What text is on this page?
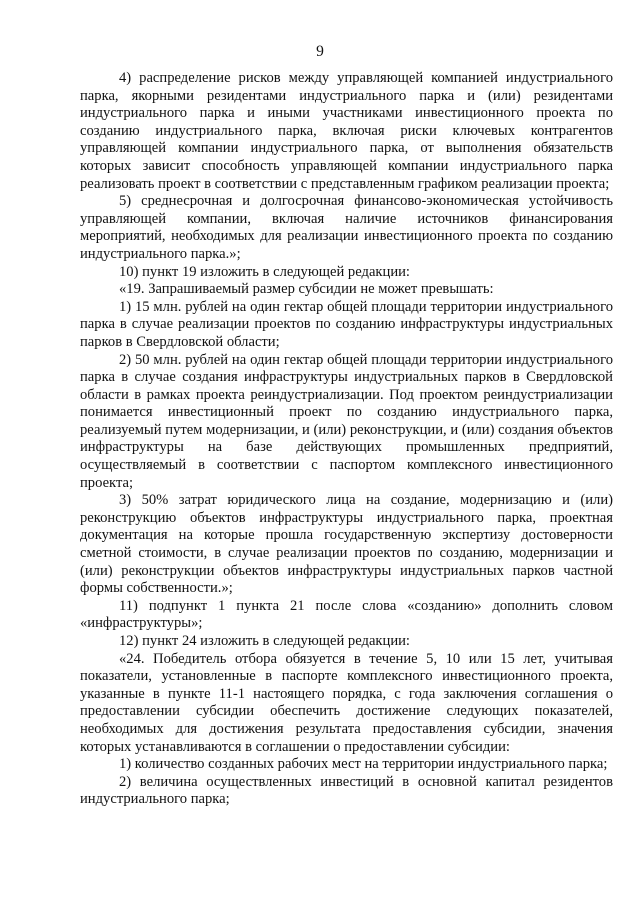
9

4) распределение рисков между управляющей компанией индустриального парка, якорными резидентами индустриального парка и (или) резидентами индустриального парка и иными участниками инвестиционного проекта по созданию индустриального парка, включая риски ключевых контрагентов управляющей компании индустриального парка, от выполнения обязательств которых зависит способность управляющей компании индустриального парка реализовать проект в соответствии с представленным графиком реализации проекта;

5) среднесрочная и долгосрочная финансово-экономическая устойчивость управляющей компании, включая наличие источников финансирования мероприятий, необходимых для реализации инвестиционного проекта по созданию индустриального парка.»;

10) пункт 19 изложить в следующей редакции:

«19. Запрашиваемый размер субсидии не может превышать:

1) 15 млн. рублей на один гектар общей площади территории индустриального парка в случае реализации проектов по созданию инфраструктуры индустриальных парков в Свердловской области;

2) 50 млн. рублей на один гектар общей площади территории индустриального парка в случае создания инфраструктуры индустриальных парков в Свердловской области в рамках проекта реиндустриализации. Под проектом реиндустриализации понимается инвестиционный проект по созданию индустриального парка, реализуемый путем модернизации, и (или) реконструкции, и (или) создания объектов инфраструктуры на базе действующих промышленных предприятий, осуществляемый в соответствии с паспортом комплексного инвестиционного проекта;

3) 50% затрат юридического лица на создание, модернизацию и (или) реконструкцию объектов инфраструктуры индустриального парка, проектная документация на которые прошла государственную экспертизу достоверности сметной стоимости, в случае реализации проектов по созданию, модернизации и (или) реконструкции объектов инфраструктуры индустриальных парков частной формы собственности.»;

11) подпункт 1 пункта 21 после слова «созданию» дополнить словом «инфраструктуры»;

12) пункт 24 изложить в следующей редакции:

«24. Победитель отбора обязуется в течение 5, 10 или 15 лет, учитывая показатели, установленные в паспорте комплексного инвестиционного проекта, указанные в пункте 11-1 настоящего порядка, с года заключения соглашения о предоставлении субсидии обеспечить достижение следующих показателей, необходимых для достижения результата предоставления субсидии, значения которых устанавливаются в соглашении о предоставлении субсидии:

1) количество созданных рабочих мест на территории индустриального парка;

2) величина осуществленных инвестиций в основной капитал резидентов индустриального парка;
